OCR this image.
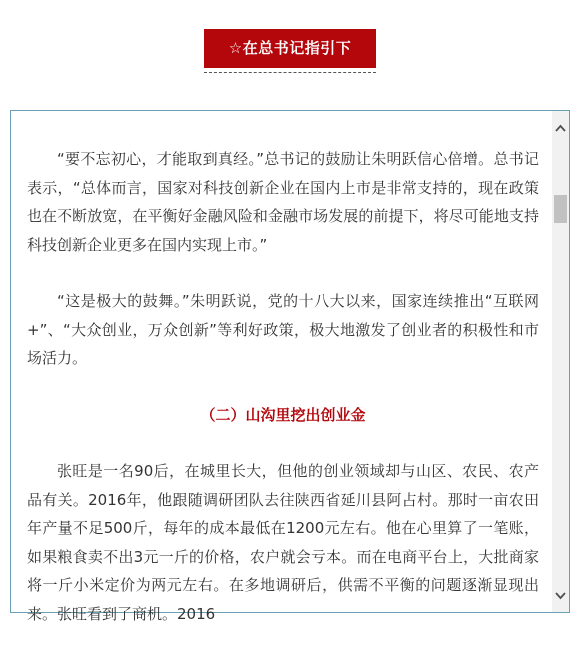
☆在总书记指引下

“要不忘初心，才能取到真经。”总书记的鼓励让朱明跃信心倍增。总书记表示，“总体而言，国家对科技创新企业在国内上市是非常支持的，现在政策也在不断放宽，在平衡好金融风险和金融市场发展的前提下，将尽可能地支持科技创新企业更多在国内实现上市。”

“这是极大的鼓舞。”朱明跃说，党的十八大以来，国家连续推出“互联网+”、“大众创业，万众创新”等利好政策，极大地激发了创业者的积极性和市场活力。

（二）山沟里挖出创业金

张旺是一名90后，在城里长大，但他的创业领域却与山区、农民、农产品有关。2016年，他跟随调研团队去往陕西省延川县阿占村。那时一亩农田年产量不足500斤，每年的成本最低在1200元左右。他在心里算了一笔账，如果粮食卖不出3元一斤的价格，农户就会亏本。而在电商平台上，大批商家将一斤小米定价为两元左右。在多地调研后，供需不平衡的问题逐渐显现出来。张旺看到了商机。2016
